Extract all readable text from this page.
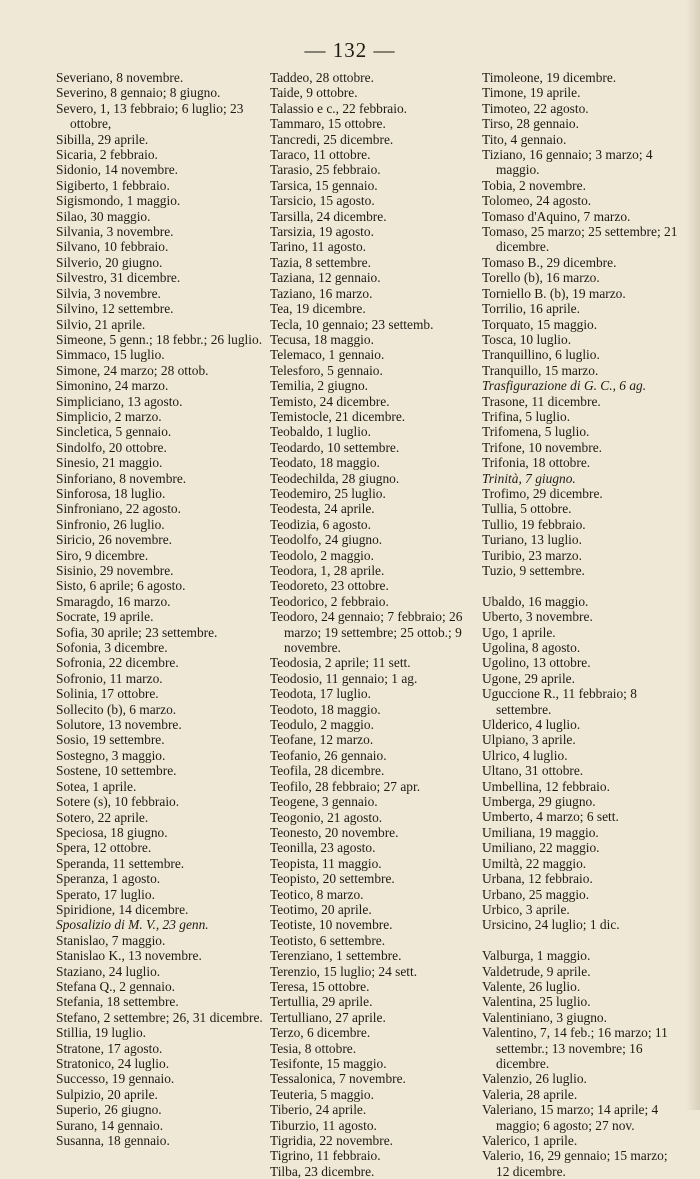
— 132 —
Severiano, 8 novembre.
Severino, 8 gennaio; 8 giugno.
Severo, 1, 13 febbraio; 6 luglio; 23 ottobre,
Sibilla, 29 aprile.
Sicaria, 2 febbraio.
Sidonio, 14 novembre.
Sigiberto, 1 febbraio.
Sigismondo, 1 maggio.
Silao, 30 maggio.
Silvania, 3 novembre.
Silvano, 10 febbraio.
Silverio, 20 giugno.
Silvestro, 31 dicembre.
Silvia, 3 novembre.
Silvino, 12 settembre.
Silvio, 21 aprile.
Simeone, 5 genn.; 18 febbr.; 26 luglio.
Simmaco, 15 luglio.
Simone, 24 marzo; 28 ottob.
Simonino, 24 marzo.
Simpliciano, 13 agosto.
Simplicio, 2 marzo.
Sincletica, 5 gennaio.
Sindolfo, 20 ottobre.
Sinesio, 21 maggio.
Sinforiano, 8 novembre.
Sinforosa, 18 luglio.
Sinfroniano, 22 agosto.
Sinfronio, 26 luglio.
Siricio, 26 novembre.
Siro, 9 dicembre.
Sisinio, 29 novembre.
Sisto, 6 aprile; 6 agosto.
Smaragdo, 16 marzo.
Socrate, 19 aprile.
Sofia, 30 aprile; 23 settembre.
Sofonia, 3 dicembre.
Sofronia, 22 dicembre.
Sofronio, 11 marzo.
Solinia, 17 ottobre.
Sollecito (b), 6 marzo.
Solutore, 13 novembre.
Sosio, 19 settembre.
Sostegno, 3 maggio.
Sostene, 10 settembre.
Sotea, 1 aprile.
Sotere (s), 10 febbraio.
Sotero, 22 aprile.
Speciosa, 18 giugno.
Spera, 12 ottobre.
Speranda, 11 settembre.
Speranza, 1 agosto.
Sperato, 17 luglio.
Spiridione, 14 dicembre.
Sposalizio di M. V., 23 genn.
Stanislao, 7 maggio.
Stanislao K., 13 novembre.
Staziano, 24 luglio.
Stefana Q., 2 gennaio.
Stefania, 18 settembre.
Stefano, 2 settembre; 26, 31 dicembre.
Stillia, 19 luglio.
Stratone, 17 agosto.
Stratonico, 24 luglio.
Successo, 19 gennaio.
Sulpizio, 20 aprile.
Superio, 26 giugno.
Surano, 14 gennaio.
Susanna, 18 gennaio.
Taddeo, 28 ottobre.
Taide, 9 ottobre.
Talassio e c., 22 febbraio.
Tammaro, 15 ottobre.
Tancredi, 25 dicembre.
Taraco, 11 ottobre.
Tarasio, 25 febbraio.
Tarsica, 15 gennaio.
Tarsicio, 15 agosto.
Tarsilla, 24 dicembre.
Tarsizia, 19 agosto.
Tarino, 11 agosto.
Tazia, 8 settembre.
Taziana, 12 gennaio.
Taziano, 16 marzo.
Tea, 19 dicembre.
Tecla, 10 gennaio; 23 settemb.
Tecusa, 18 maggio.
Telemaco, 1 gennaio.
Telesforo, 5 gennaio.
Temilia, 2 giugno.
Temisto, 24 dicembre.
Temistocle, 21 dicembre.
Teobaldo, 1 luglio.
Teodardo, 10 settembre.
Teodato, 18 maggio.
Teodechilda, 28 giugno.
Teodemiro, 25 luglio.
Teodesta, 24 aprile.
Teodizia, 6 agosto.
Teodolfo, 24 giugno.
Teodolo, 2 maggio.
Teodora, 1, 28 aprile.
Teodoreto, 23 ottobre.
Teodorico, 2 febbraio.
Teodoro, 24 gennaio; 7 febbraio; 26 marzo; 19 settembre; 25 ottob.; 9 novembre.
Teodosia, 2 aprile; 11 sett.
Teodosio, 11 gennaio; 1 ag.
Teodota, 17 luglio.
Teodoto, 18 maggio.
Teodulo, 2 maggio.
Teofane, 12 marzo.
Teofanio, 26 gennaio.
Teofila, 28 dicembre.
Teofilo, 28 febbraio; 27 apr.
Teogene, 3 gennaio.
Teogonio, 21 agosto.
Teonesto, 20 novembre.
Teonilla, 23 agosto.
Teopista, 11 maggio.
Teopisto, 20 settembre.
Teotico, 8 marzo.
Teotimo, 20 aprile.
Teotiste, 10 novembre.
Teotisto, 6 settembre.
Terenziano, 1 settembre.
Terenzio, 15 luglio; 24 sett.
Teresa, 15 ottobre.
Tertullia, 29 aprile.
Tertulliano, 27 aprile.
Terzo, 6 dicembre.
Tesia, 8 ottobre.
Tesifonte, 15 maggio.
Tessalonica, 7 novembre.
Teuteria, 5 maggio.
Tiberio, 24 aprile.
Tiburzio, 11 agosto.
Tigridia, 22 novembre.
Tigrino, 11 febbraio.
Tilba, 23 dicembre.
Timoleone, 19 dicembre.
Timone, 19 aprile.
Timoteo, 22 agosto.
Tirso, 28 gennaio.
Tito, 4 gennaio.
Tiziano, 16 gennaio; 3 marzo; 4 maggio.
Tobia, 2 novembre.
Tolomeo, 24 agosto.
Tomaso d'Aquino, 7 marzo.
Tomaso, 25 marzo; 25 settembre; 21 dicembre.
Tomaso B., 29 dicembre.
Torello (b), 16 marzo.
Torniello B. (b), 19 marzo.
Torrilio, 16 aprile.
Torquato, 15 maggio.
Tosca, 10 luglio.
Tranquillino, 6 luglio.
Tranquillo, 15 marzo.
Trasfigurazione di G. C., 6 ag.
Trasone, 11 dicembre.
Trifina, 5 luglio.
Trifomena, 5 luglio.
Trifone, 10 novembre.
Trifonia, 18 ottobre.
Trinità, 7 giugno.
Trofimo, 29 dicembre.
Tullia, 5 ottobre.
Tullio, 19 febbraio.
Turiano, 13 luglio.
Turibio, 23 marzo.
Tuzio, 9 settembre.
Ubaldo, 16 maggio.
Uberto, 3 novembre.
Ugo, 1 aprile.
Ugolina, 8 agosto.
Ugolino, 13 ottobre.
Ugone, 29 aprile.
Uguccione R., 11 febbraio; 8 settembre.
Ulderico, 4 luglio.
Ulpiano, 3 aprile.
Ulrico, 4 luglio.
Ultano, 31 ottobre.
Umbellina, 12 febbraio.
Umberga, 29 giugno.
Umberto, 4 marzo; 6 sett.
Umiliana, 19 maggio.
Umiliano, 22 maggio.
Umiltà, 22 maggio.
Urbana, 12 febbraio.
Urbano, 25 maggio.
Urbico, 3 aprile.
Ursicino, 24 luglio; 1 dic.
Valburga, 1 maggio.
Valdetrude, 9 aprile.
Valente, 26 luglio.
Valentina, 25 luglio.
Valentiniano, 3 giugno.
Valentino, 7, 14 feb.; 16 marzo; 11 settembr.; 13 novembre; 16 dicembre.
Valenzio, 26 luglio.
Valeria, 28 aprile.
Valeriano, 15 marzo; 14 aprile; 4 maggio; 6 agosto; 27 nov.
Valerico, 1 aprile.
Valerio, 16, 29 gennaio; 15 marzo; 12 dicembre.
